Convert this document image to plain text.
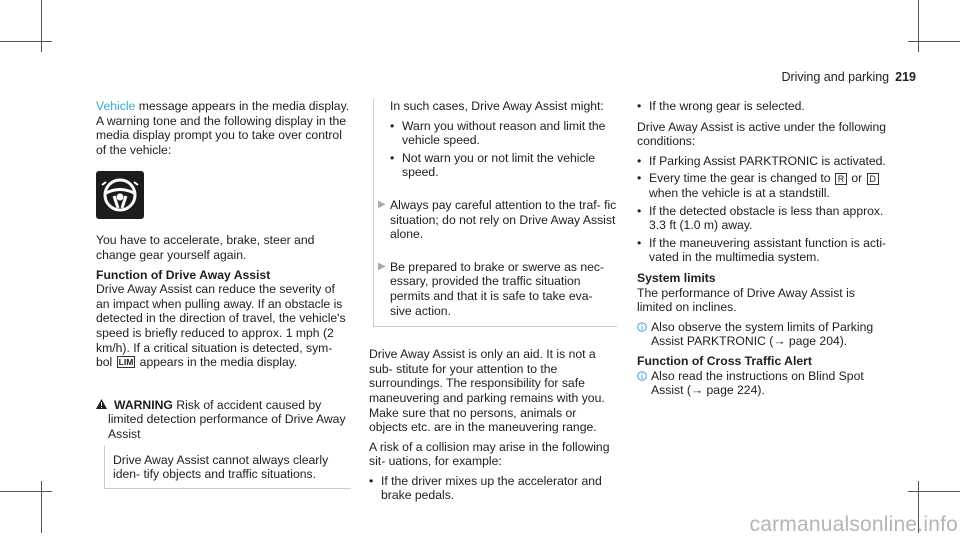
Driving and parking 219

Vehicle message appears in the media display. A warning tone and the following display in the media display prompt you to take over control of the vehicle:

You have to accelerate, brake, steer and change gear yourself again.

Function of Drive Away Assist

Drive Away Assist can reduce the severity of an impact when pulling away. If an obstacle is detected in the direction of travel, the vehicle's speed is briefly reduced to approx. 1 mph (2 km/h). If a critical situation is detected, sym- bol LIM appears in the media display.

WARNING Risk of accident caused by limited detection performance of Drive Away Assist
Drive Away Assist cannot always clearly iden- tify objects and traffic situations.

In such cases, Drive Away Assist might:

• Warn you without reason and limit the vehicle speed.
• Not warn you or not limit the vehicle speed.
▶ Always pay careful attention to the traf- fic situation; do not rely on Drive Away Assist alone.
▶ Be prepared to brake or swerve as nec- essary, provided the traffic situation permits and that it is safe to take eva- sive action.

Drive Away Assist is only an aid. It is not a sub- stitute for your attention to the surroundings. The responsibility for safe maneuvering and parking remains with you. Make sure that no persons, animals or objects etc. are in the maneuvering range.

A risk of a collision may arise in the following sit- uations, for example:

• If the driver mixes up the accelerator and brake pedals.
• If the wrong gear is selected.

Drive Away Assist is active under the following conditions:

• If Parking Assist PARKTRONIC is activated.
• Every time the gear is changed to R or D when the vehicle is at a standstill.
• If the detected obstacle is less than approx. 3.3 ft (1.0 m) away.
• If the maneuvering assistant function is acti- vated in the multimedia system.
System limits

The performance of Drive Away Assist is limited on inclines.

Also observe the system limits of Parking Assist PARKTRONIC (→ page 204).
Function of Cross Traffic Alert
Also read the instructions on Blind Spot Assist (→ page 224).
carmanualsonline.info
